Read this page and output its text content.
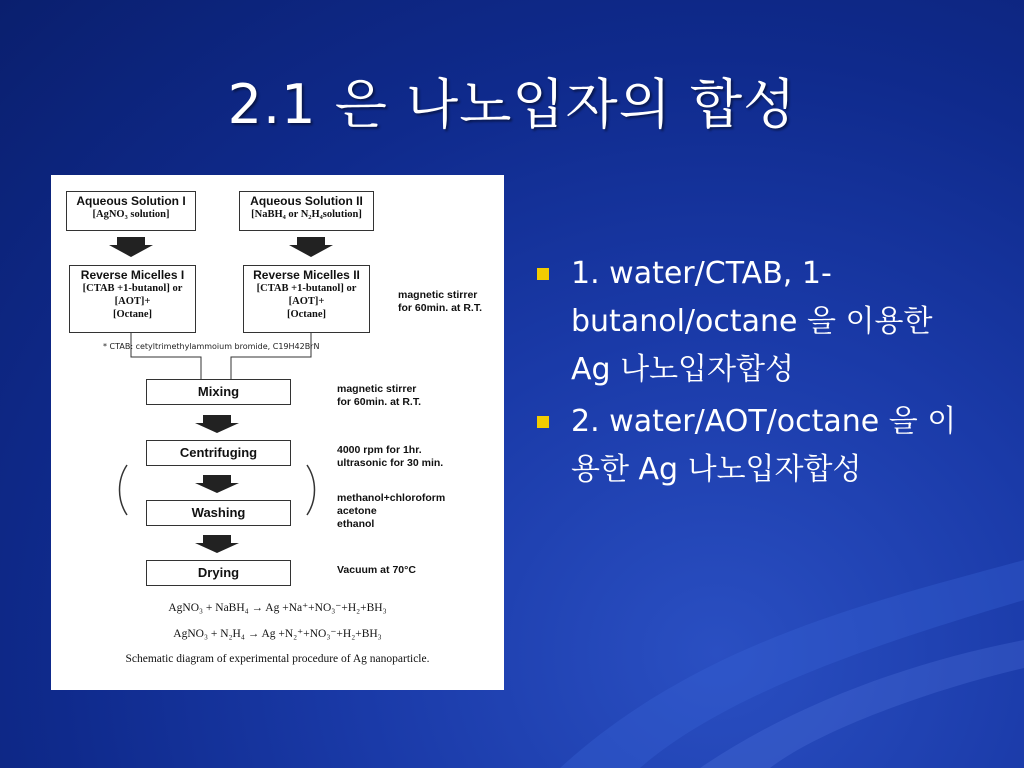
2.1 은 나노입자의 합성
Aqueous Solution I
[AgNO₃ solution]
Aqueous Solution II
[NaBH₄ or N₂H₄solution]
Reverse Micelles I
[CTAB +1-butanol] or
[AOT]+
[Octane]
Reverse Micelles II
[CTAB +1-butanol] or
[AOT]+
[Octane]
magnetic stirrer
for 60min. at R.T.
* CTAB: cetyltrimethylammoium bromide, C19H42BrN
Mixing
Centrifuging
Washing
Drying
magnetic stirrer
for 60min. at R.T.
4000 rpm for 1hr.
ultrasonic for 30 min.
methanol+chloroform
acetone
ethanol
Vacuum at 70°C
AgNO₃ + NaBH₄ → Ag +Na⁺+NO₃⁻+H₂+BH₃
AgNO₃ + N₂H₄ → Ag +N₂⁺+NO₃⁻+H₂+BH₃
Schematic diagram of experimental procedure of Ag nanoparticle.
1. water/CTAB, 1-butanol/octane 을 이용한 Ag 나노입자합성
2. water/AOT/octane 을 이용한 Ag 나노입자합성
